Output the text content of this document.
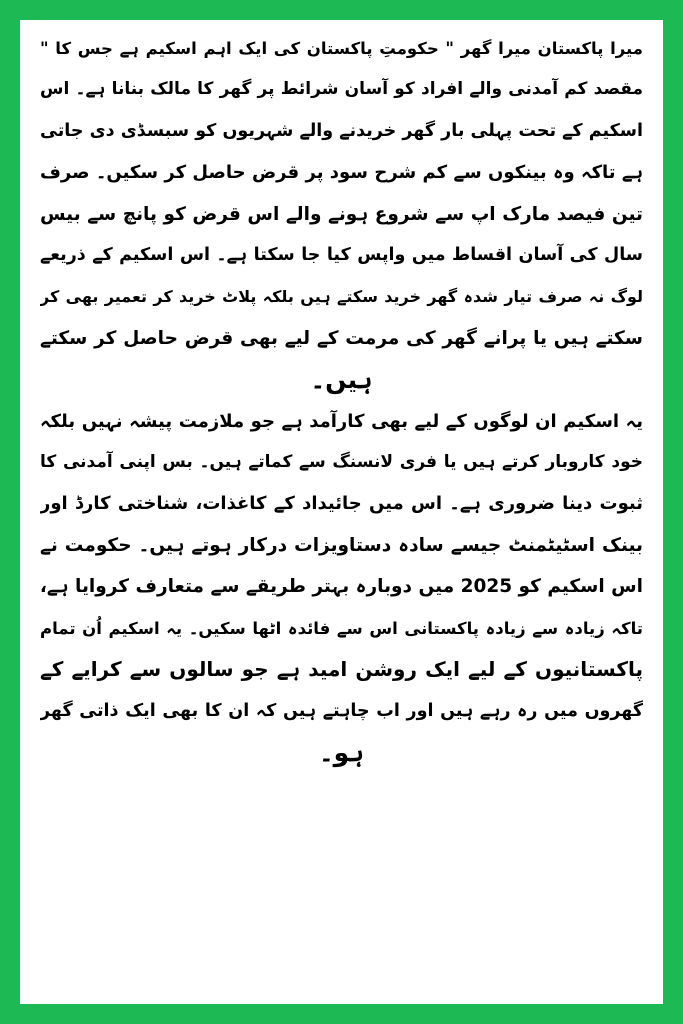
میرا پاکستان میرا گھر " حکومتِ پاکستان کی ایک اہم اسکیم ہے جس کا "
مقصد کم آمدنی والے افراد کو آسان شرائط پر گھر کا مالک بنانا ہے۔ اس
اسکیم کے تحت پہلی بار گھر خریدنے والے شہریوں کو سبسڈی دی جاتی
ہے تاکہ وہ بینکوں سے کم شرح سود پر قرض حاصل کر سکیں۔ صرف
تین فیصد مارک اپ سے شروع ہونے والے اس قرض کو پانچ سے بیس
سال کی آسان اقساط میں واپس کیا جا سکتا ہے۔ اس اسکیم کے ذریعے
لوگ نہ صرف تیار شدہ گھر خرید سکتے ہیں بلکہ پلاٹ خرید کر تعمیر بھی کر
سکتے ہیں یا پرانے گھر کی مرمت کے لیے بھی قرض حاصل کر سکتے
ہیں۔
یہ اسکیم ان لوگوں کے لیے بھی کارآمد ہے جو ملازمت پیشہ نہیں بلکہ
خود کاروبار کرتے ہیں یا فری لانسنگ سے کماتے ہیں۔ بس اپنی آمدنی کا
ثبوت دینا ضروری ہے۔ اس میں جائیداد کے کاغذات، شناختی کارڈ اور
بینک اسٹیٹمنٹ جیسے سادہ دستاویزات درکار ہوتے ہیں۔ حکومت نے
اس اسکیم کو 2025 میں دوبارہ بہتر طریقے سے متعارف کروایا ہے،
تاکہ زیادہ سے زیادہ پاکستانی اس سے فائدہ اٹھا سکیں۔ یہ اسکیم اُن تمام
پاکستانیوں کے لیے ایک روشن امید ہے جو سالوں سے کرایے کے
گھروں میں رہ رہے ہیں اور اب چاہتے ہیں کہ ان کا بھی ایک ذاتی گھر
ہو۔
